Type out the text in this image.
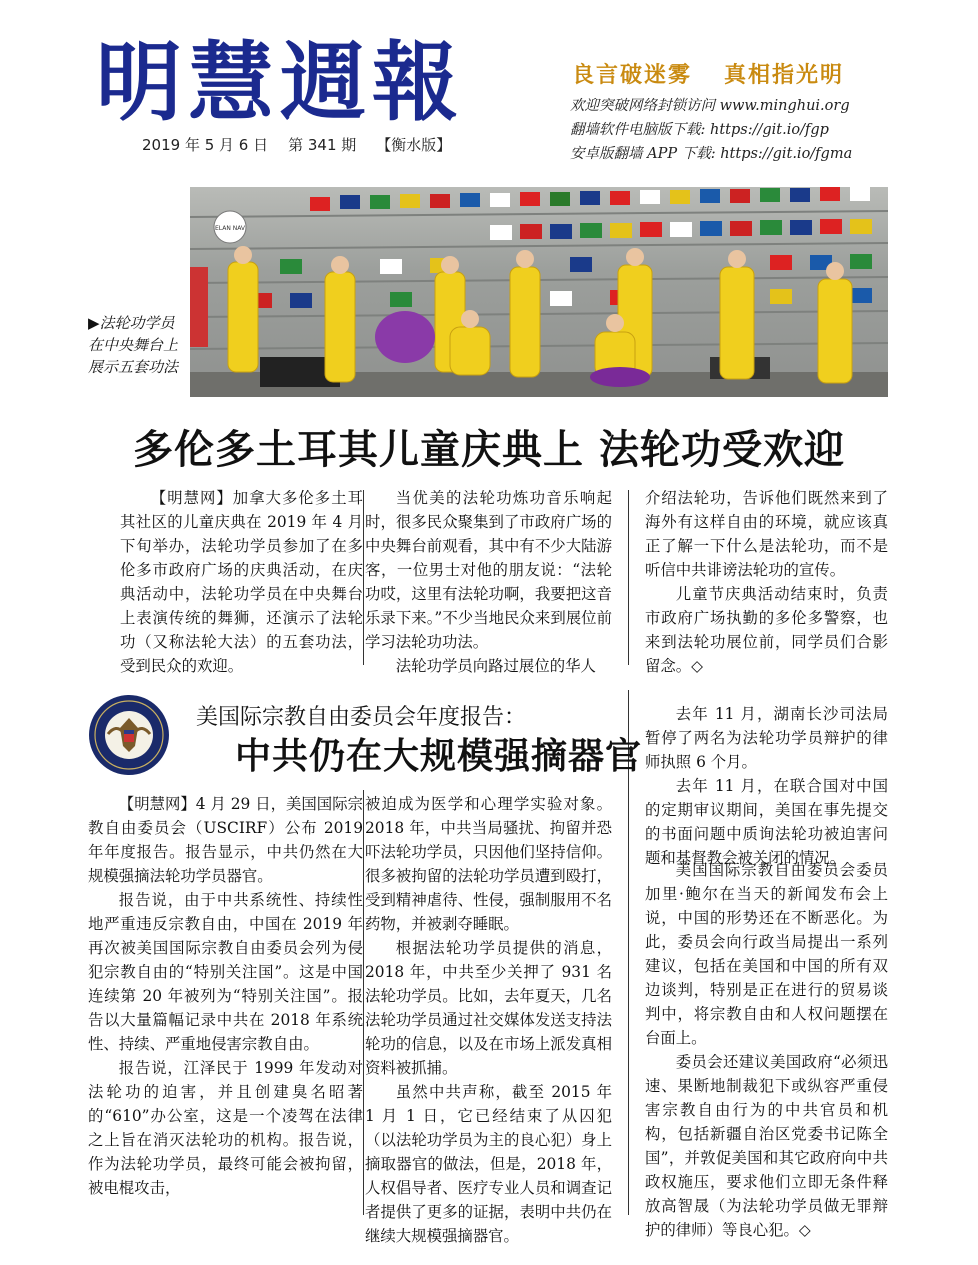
明慧週報	良言破迷雾 真相指光明
欢迎突破网络封锁访问 www.minghui.org
翻墙软件电脑版下载: https://git.io/fgp
安卓版翻墙 APP 下载: https://git.io/fgma
2019 年 5 月 6 日 第 341 期 【衡水版】
ELAN NAV
▶法轮功学员在中央舞台上展示五套功法
多伦多土耳其儿童庆典上 法轮功受欢迎

【明慧网】加拿大多伦多土耳其社区的儿童庆典在 2019 年 4 月下旬举办，法轮功学员参加了在多伦多市政府广场的庆典活动，在庆典活动中，法轮功学员在中央舞台上表演传统的舞狮，还演示了法轮功（又称法轮大法）的五套功法，受到民众的欢迎。

当优美的法轮功炼功音乐响起时，很多民众聚集到了市政府广场的中央舞台前观看，其中有不少大陆游客，一位男士对他的朋友说：“法轮功哎，这里有法轮功啊，我要把这音乐录下来。”不少当地民众来到展位前学习法轮功功法。

法轮功学员向路过展位的华人

介绍法轮功，告诉他们既然来到了海外有这样自由的环境，就应该真正了解一下什么是法轮功，而不是听信中共诽谤法轮功的宣传。

儿童节庆典活动结束时，负责市政府广场执勤的多伦多警察，也来到法轮功展位前，同学员们合影留念。◇

美国际宗教自由委员会年度报告：
中共仍在大规模强摘器官

去年 11 月，湖南长沙司法局暂停了两名为法轮功学员辩护的律师执照 6 个月。

去年 11 月，在联合国对中国的定期审议期间，美国在事先提交的书面问题中质询法轮功被迫害问题和基督教会被关闭的情况。

【明慧网】4 月 29 日，美国国际宗教自由委员会（USCIRF）公布 2019 年年度报告。报告显示，中共仍然在大规模强摘法轮功学员器官。

报告说，由于中共系统性、持续性地严重违反宗教自由，中国在 2019 年再次被美国国际宗教自由委员会列为侵犯宗教自由的“特别关注国”。这是中国连续第 20 年被列为“特别关注国”。报告以大量篇幅记录中共在 2018 年系统性、持续、严重地侵害宗教自由。

报告说，江泽民于 1999 年发动对法轮功的迫害，并且创建臭名昭著的“610”办公室，这是一个凌驾在法律之上旨在消灭法轮功的机构。报告说，作为法轮功学员，最终可能会被拘留，被电棍攻击，

被迫成为医学和心理学实验对象。2018 年，中共当局骚扰、拘留并恐吓法轮功学员，只因他们坚持信仰。很多被拘留的法轮功学员遭到殴打，受到精神虐待、性侵，强制服用不名药物，并被剥夺睡眠。

根据法轮功学员提供的消息，2018 年，中共至少关押了 931 名法轮功学员。比如，去年夏天，几名法轮功学员通过社交媒体发送支持法轮功的信息，以及在市场上派发真相资料被抓捕。

虽然中共声称，截至 2015 年 1 月 1 日，它已经结束了从囚犯（以法轮功学员为主的良心犯）身上摘取器官的做法，但是，2018 年，人权倡导者、医疗专业人员和调查记者提供了更多的证据，表明中共仍在继续大规模强摘器官。

美国国际宗教自由委员会委员加里·鲍尔在当天的新闻发布会上说，中国的形势还在不断恶化。为此，委员会向行政当局提出一系列建议，包括在美国和中国的所有双边谈判，特别是正在进行的贸易谈判中，将宗教自由和人权问题摆在台面上。

委员会还建议美国政府“必须迅速、果断地制裁犯下或纵容严重侵害宗教自由行为的中共官员和机构，包括新疆自治区党委书记陈全国”，并敦促美国和其它政府向中共政权施压，要求他们立即无条件释放高智晟（为法轮功学员做无罪辩护的律师）等良心犯。◇
